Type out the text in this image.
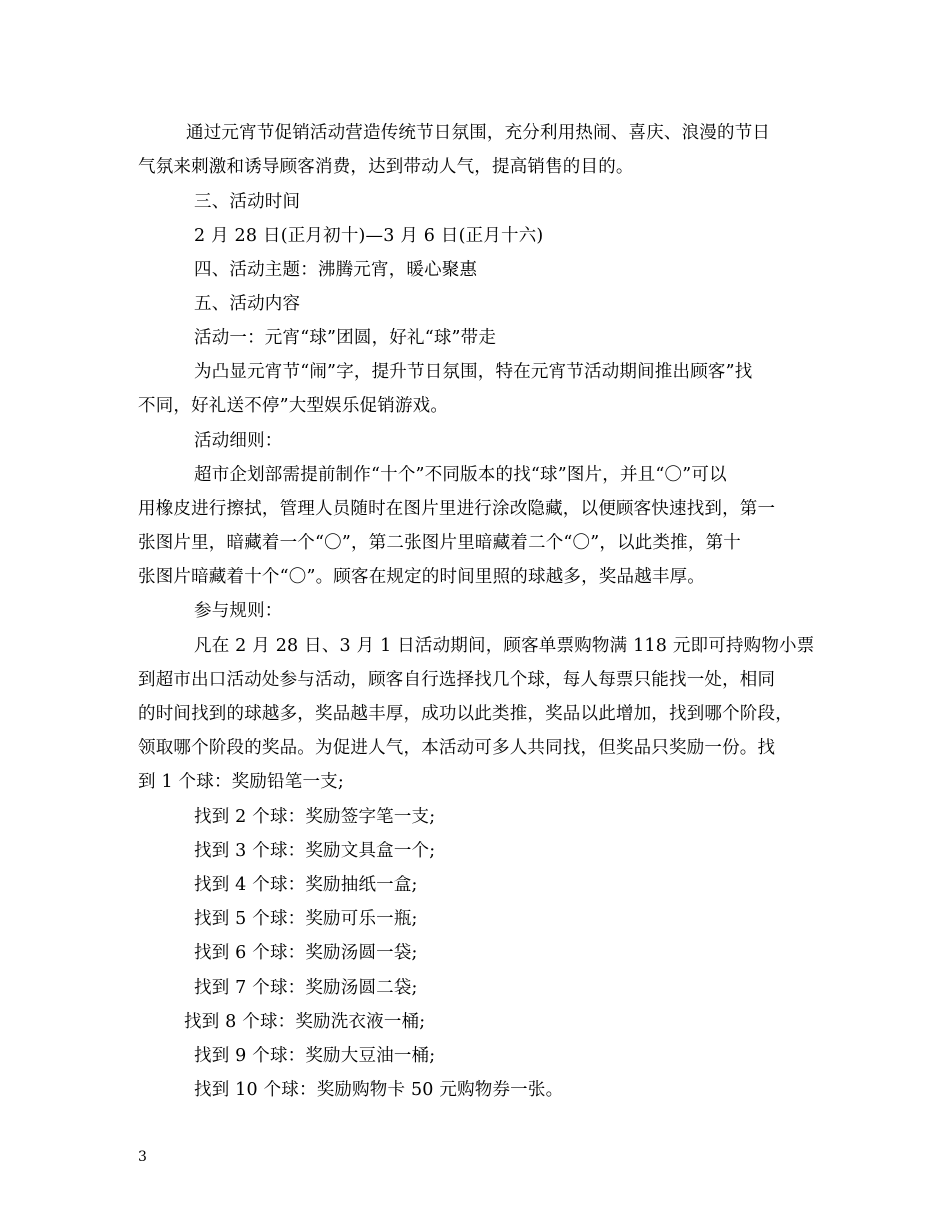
通过元宵节促销活动营造传统节日氛围，充分利用热闹、喜庆、浪漫的节日
气氛来刺激和诱导顾客消费，达到带动人气，提高销售的目的。
三、活动时间
2 月 28 日(正月初十)—3 月 6 日(正月十六)
四、活动主题：沸腾元宵，暖心聚惠
五、活动内容
活动一：元宵“球”团圆，好礼“球”带走
为凸显元宵节“闹”字，提升节日氛围，特在元宵节活动期间推出顾客”找
不同，好礼送不停”大型娱乐促销游戏。
活动细则：
超市企划部需提前制作“十个”不同版本的找“球”图片，并且“〇”可以
用橡皮进行擦拭，管理人员随时在图片里进行涂改隐藏，以便顾客快速找到，第一
张图片里，暗藏着一个“〇”，第二张图片里暗藏着二个“〇”，以此类推，第十
张图片暗藏着十个“〇”。顾客在规定的时间里照的球越多，奖品越丰厚。
参与规则：
凡在 2 月 28 日、3 月 1 日活动期间，顾客单票购物满 118 元即可持购物小票
到超市出口活动处参与活动，顾客自行选择找几个球，每人每票只能找一处，相同
的时间找到的球越多，奖品越丰厚，成功以此类推，奖品以此增加，找到哪个阶段，
领取哪个阶段的奖品。为促进人气，本活动可多人共同找，但奖品只奖励一份。找
到 1 个球：奖励铅笔一支;
找到 2 个球：奖励签字笔一支;
找到 3 个球：奖励文具盒一个;
找到 4 个球：奖励抽纸一盒;
找到 5 个球：奖励可乐一瓶;
找到 6 个球：奖励汤圆一袋;
找到 7 个球：奖励汤圆二袋;
找到 8 个球：奖励洗衣液一桶;
找到 9 个球：奖励大豆油一桶;
找到 10 个球：奖励购物卡 50 元购物券一张。
3
